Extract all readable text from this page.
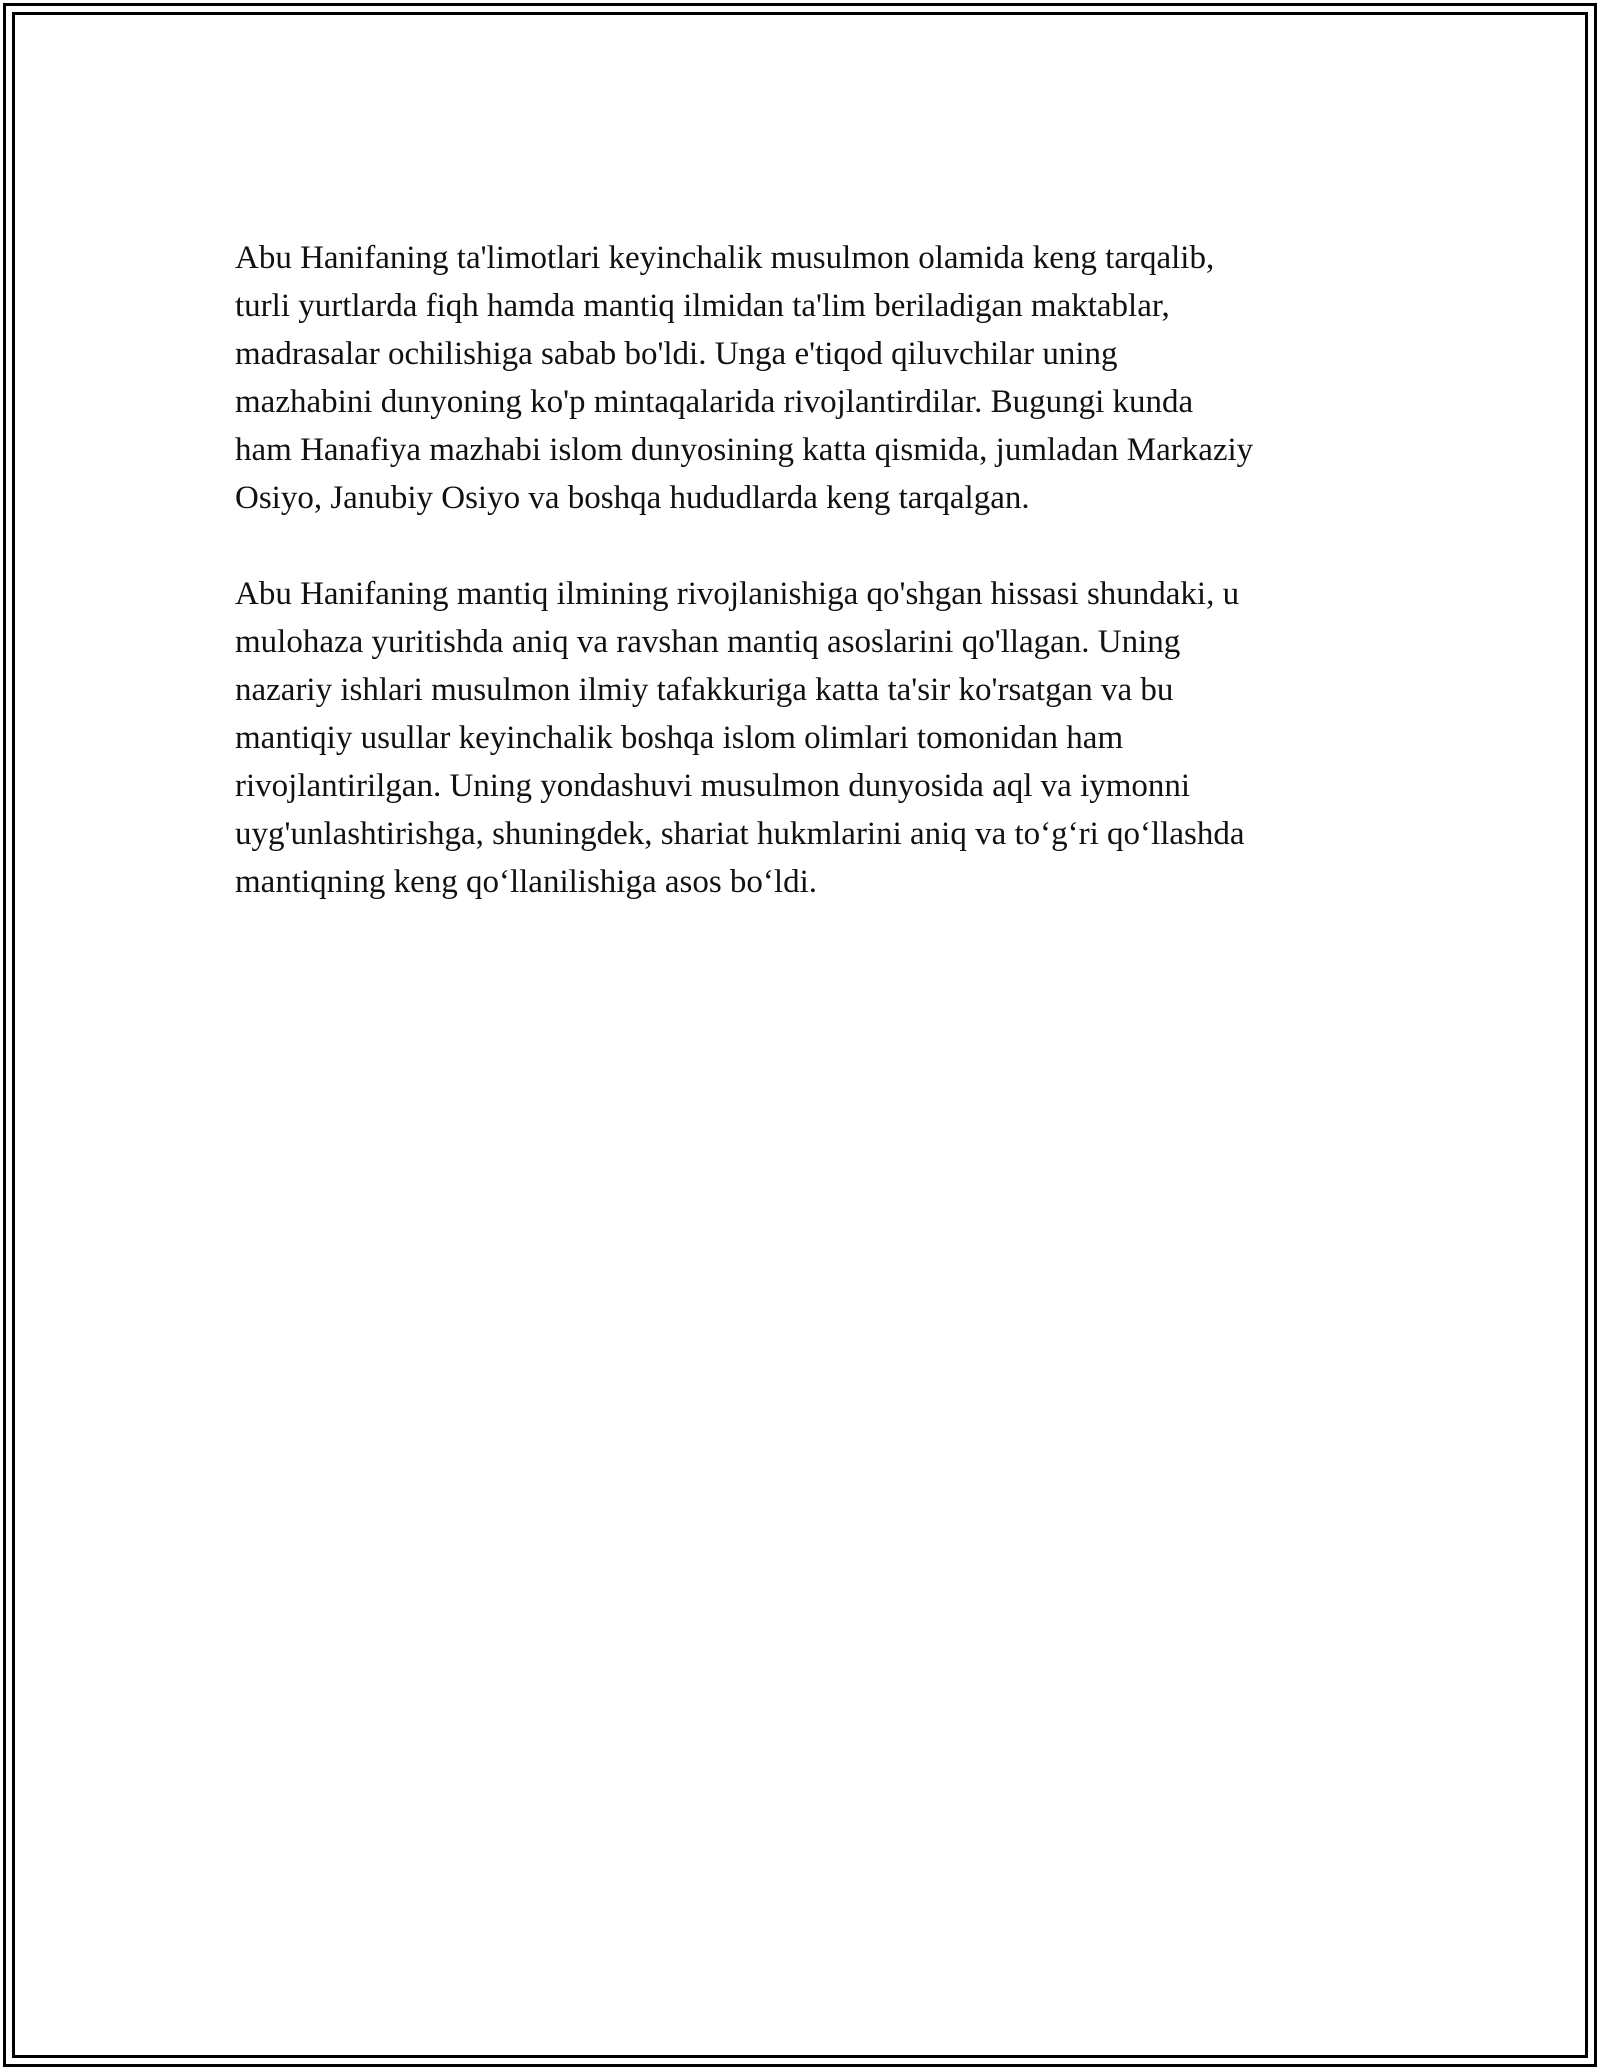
Abu Hanifaning ta'limotlari keyinchalik musulmon olamida keng tarqalib,
turli yurtlarda fiqh hamda mantiq ilmidan ta'lim beriladigan maktablar,
madrasalar ochilishiga sabab bo'ldi. Unga e'tiqod qiluvchilar uning
mazhabini dunyoning ko'p mintaqalarida rivojlantirdilar. Bugungi kunda
ham Hanafiya mazhabi islom dunyosining katta qismida, jumladan Markaziy
Osiyo, Janubiy Osiyo va boshqa hududlarda keng tarqalgan.

Abu Hanifaning mantiq ilmining rivojlanishiga qo'shgan hissasi shundaki, u
mulohaza yuritishda aniq va ravshan mantiq asoslarini qo'llagan. Uning
nazariy ishlari musulmon ilmiy tafakkuriga katta ta'sir ko'rsatgan va bu
mantiqiy usullar keyinchalik boshqa islom olimlari tomonidan ham
rivojlantirilgan. Uning yondashuvi musulmon dunyosida aql va iymonni
uyg'unlashtirishga, shuningdek, shariat hukmlarini aniq va to‘g‘ri qo‘llashda
mantiqning keng qo‘llanilishiga asos bo‘ldi.
